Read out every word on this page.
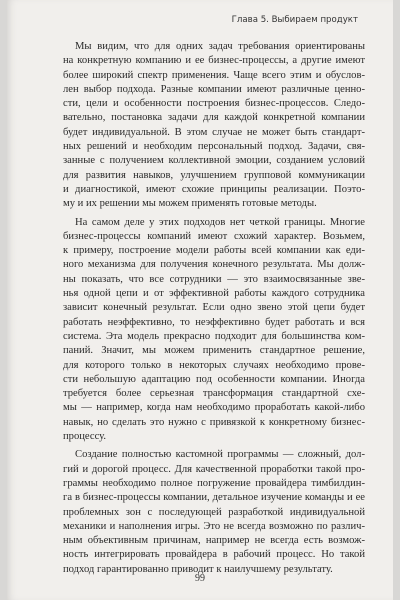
Глава 5. Выбираем продукт
Мы видим, что для одних задач требования ориентированы
на конкретную компанию и ее бизнес-процессы, а другие имеют
более широкий спектр применения. Чаще всего этим и обуслов-
лен выбор подхода. Разные компании имеют различные ценно-
сти, цели и особенности построения бизнес-процессов. Следо-
вательно, постановка задачи для каждой конкретной компании
будет индивидуальной. В этом случае не может быть стандарт-
ных решений и необходим персональный подход. Задачи, свя-
занные с получением коллективной эмоции, созданием условий
для развития навыков, улучшением групповой коммуникации
и диагностикой, имеют схожие принципы реализации. Поэто-
му и их решении мы можем применять готовые методы.
На самом деле у этих подходов нет четкой границы. Многие
бизнес-процессы компаний имеют схожий характер. Возьмем,
к примеру, построение модели работы всей компании как еди-
ного механизма для получения конечного результата. Мы долж-
ны показать, что все сотрудники — это взаимосвязанные зве-
нья одной цепи и от эффективной работы каждого сотрудника
зависит конечный результат. Если одно звено этой цепи будет
работать неэффективно, то неэффективно будет работать и вся
система. Эта модель прекрасно подходит для большинства ком-
паний. Значит, мы можем применить стандартное решение,
для которого только в некоторых случаях необходимо прове-
сти небольшую адаптацию под особенности компании. Иногда
требуется более серьезная трансформация стандартной схе-
мы — например, когда нам необходимо проработать какой-либо
навык, но сделать это нужно с привязкой к конкретному бизнес-
процессу.
Создание полностью кастомной программы — сложный, дол-
гий и дорогой процесс. Для качественной проработки такой про-
граммы необходимо полное погружение провайдера тимбилдин-
га в бизнес-процессы компании, детальное изучение команды и ее
проблемных зон с последующей разработкой индивидуальной
механики и наполнения игры. Это не всегда возможно по различ-
ным объективным причинам, например не всегда есть возмож-
ность интегрировать провайдера в рабочий процесс. Но такой
подход гарантированно приводит к наилучшему результату.
99
